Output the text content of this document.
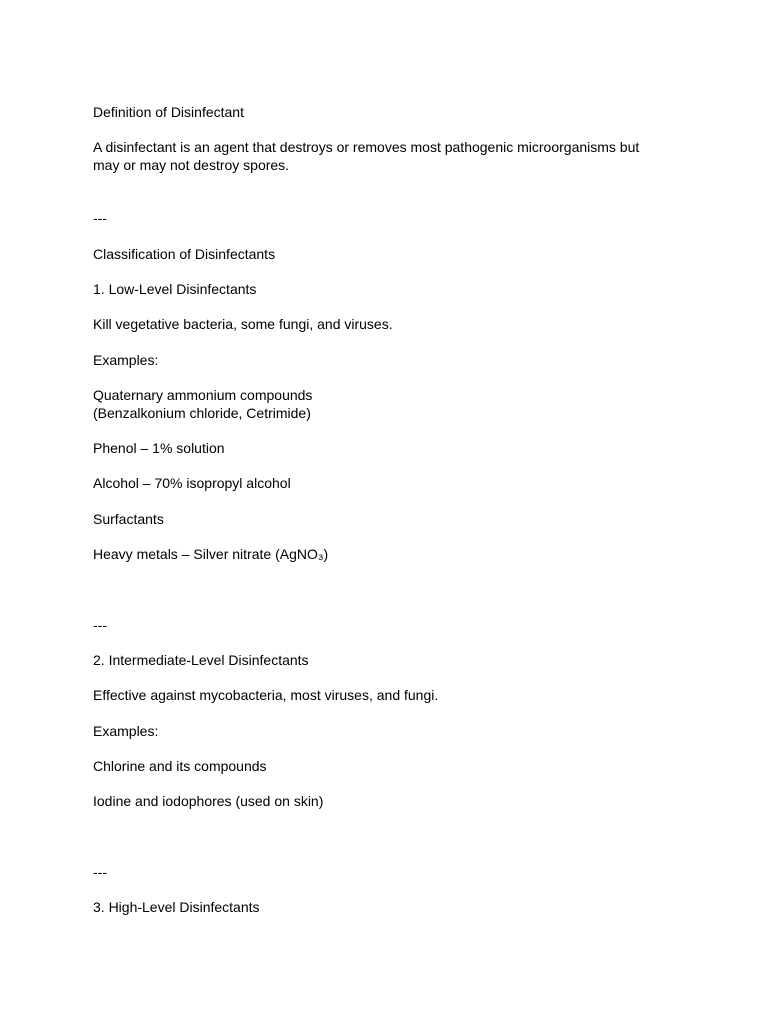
Definition of Disinfectant
A disinfectant is an agent that destroys or removes most pathogenic microorganisms but
may or may not destroy spores.
---
Classification of Disinfectants
1. Low-Level Disinfectants
Kill vegetative bacteria, some fungi, and viruses.
Examples:
Quaternary ammonium compounds
(Benzalkonium chloride, Cetrimide)
Phenol – 1% solution
Alcohol – 70% isopropyl alcohol
Surfactants
Heavy metals – Silver nitrate (AgNO₃)
---
2. Intermediate-Level Disinfectants
Effective against mycobacteria, most viruses, and fungi.
Examples:
Chlorine and its compounds
Iodine and iodophores (used on skin)
---
3. High-Level Disinfectants
